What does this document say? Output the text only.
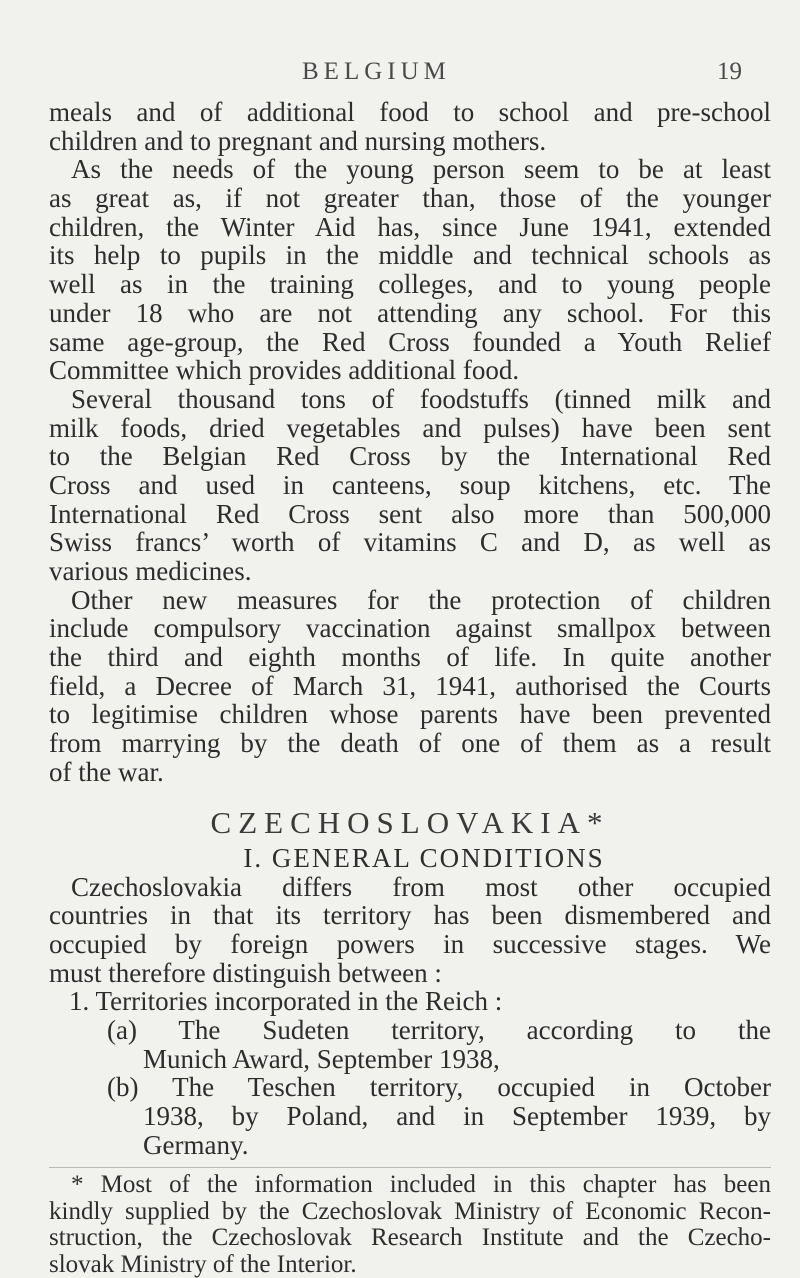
BELGIUM	19
meals and of additional food to school and pre-school
children and to pregnant and nursing mothers.
As the needs of the young person seem to be at least
as great as, if not greater than, those of the younger
children, the Winter Aid has, since June 1941, extended
its help to pupils in the middle and technical schools as
well as in the training colleges, and to young people
under 18 who are not attending any school. For this
same age-group, the Red Cross founded a Youth Relief
Committee which provides additional food.
Several thousand tons of foodstuffs (tinned milk and
milk foods, dried vegetables and pulses) have been sent
to the Belgian Red Cross by the International Red
Cross and used in canteens, soup kitchens, etc. The
International Red Cross sent also more than 500,000
Swiss francs’ worth of vitamins C and D, as well as
various medicines.
Other new measures for the protection of children
include compulsory vaccination against smallpox between
the third and eighth months of life. In quite another
field, a Decree of March 31, 1941, authorised the Courts
to legitimise children whose parents have been prevented
from marrying by the death of one of them as a result
of the war.
CZECHOSLOVAKIA*
I. GENERAL CONDITIONS
Czechoslovakia differs from most other occupied
countries in that its territory has been dismembered and
occupied by foreign powers in successive stages. We
must therefore distinguish between :
1. Territories incorporated in the Reich :
(a) The Sudeten territory, according to the
Munich Award, September 1938,
(b) The Teschen territory, occupied in October
1938, by Poland, and in September 1939, by
Germany.
* Most of the information included in this chapter has been
kindly supplied by the Czechoslovak Ministry of Economic Recon-
struction, the Czechoslovak Research Institute and the Czecho-
slovak Ministry of the Interior.
